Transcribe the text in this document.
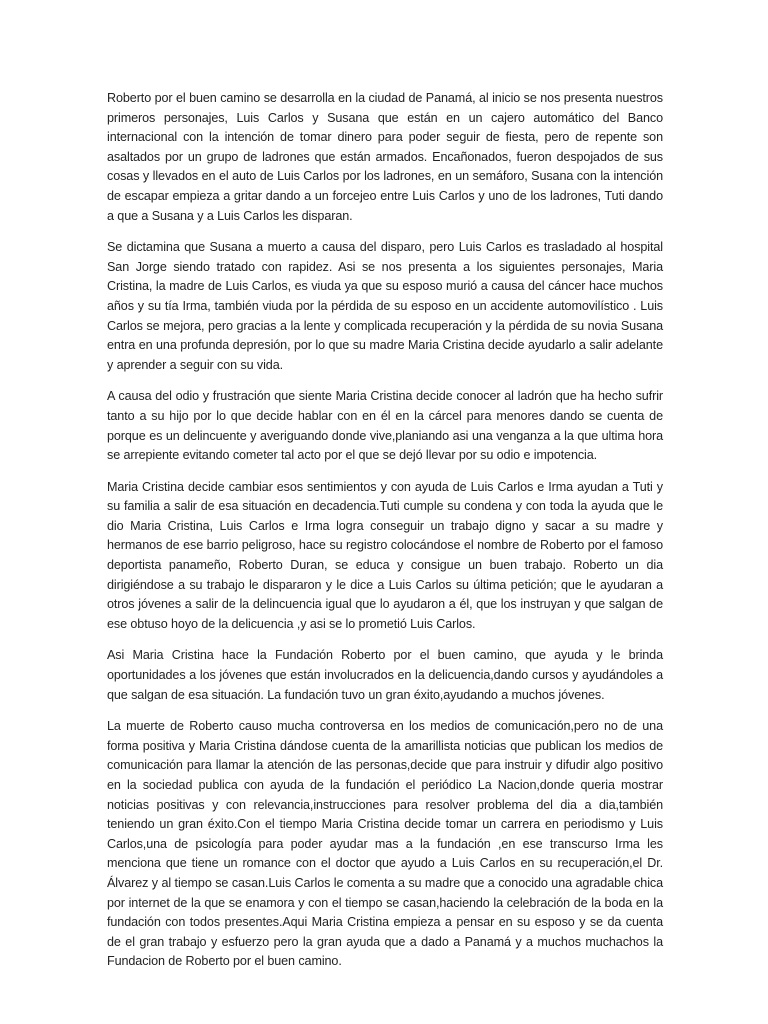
Roberto por el buen camino se desarrolla en la ciudad de Panamá, al inicio se nos presenta nuestros primeros personajes, Luis Carlos y Susana que están en un cajero automático del Banco internacional con la intención de tomar dinero para poder seguir de fiesta, pero de repente son asaltados por un grupo de ladrones que están armados. Encañonados, fueron despojados de sus cosas y llevados en el auto de Luis Carlos por los ladrones, en un semáforo, Susana con la intención de escapar empieza a gritar dando a un forcejeo entre Luis Carlos y uno de los ladrones, Tuti dando a que a Susana y a Luis Carlos les disparan.

Se dictamina que Susana a muerto a causa del disparo, pero Luis Carlos es trasladado al hospital San Jorge siendo tratado con rapidez. Asi se nos presenta a los siguientes personajes, Maria Cristina, la madre de Luis Carlos, es viuda ya que su esposo murió a causa del cáncer hace muchos años y su tía Irma, también viuda por la pérdida de su esposo en un accidente automovilístico . Luis Carlos se mejora, pero gracias a la lente y complicada recuperación y la pérdida de su novia Susana entra en una profunda depresión, por lo que su madre Maria Cristina decide ayudarlo a salir adelante y aprender a seguir con su vida.

A causa del odio y frustración que siente Maria Cristina decide conocer al ladrón que ha hecho sufrir tanto a su hijo por lo que decide hablar con en él en la cárcel para menores dando se cuenta de porque es un delincuente y averiguando donde vive,planiando asi una venganza a la que ultima hora se arrepiente evitando cometer tal acto por el que se dejó llevar por su odio e impotencia.

Maria Cristina decide cambiar esos sentimientos y con ayuda de Luis Carlos e Irma ayudan a Tuti y su familia a salir de esa situación en decadencia.Tuti cumple su condena y con toda la ayuda que le dio Maria Cristina, Luis Carlos e Irma logra conseguir un trabajo digno y sacar a su madre y hermanos de ese barrio peligroso, hace su registro colocándose el nombre de Roberto por el famoso deportista panameño, Roberto Duran, se educa y consigue un buen trabajo. Roberto un dia dirigiéndose a su trabajo le dispararon y le dice a Luis Carlos su última petición; que le ayudaran a otros jóvenes a salir de la delincuencia igual que lo ayudaron a él, que los instruyan y que salgan de ese obtuso hoyo de la delicuencia ,y asi se lo prometió Luis Carlos.

Asi Maria Cristina hace la Fundación Roberto por el buen camino, que ayuda y le brinda oportunidades a los jóvenes que están involucrados en la delicuencia,dando cursos y ayudándoles a que salgan de esa situación. La fundación tuvo un gran éxito,ayudando a muchos jóvenes.

La muerte de Roberto causo mucha controversa en los medios de comunicación,pero no de una forma positiva y Maria Cristina dándose cuenta de la amarillista noticias que publican los medios de comunicación para llamar la atención de las personas,decide que para instruir y difudir algo positivo en la sociedad publica con ayuda de la fundación el periódico La Nacion,donde queria mostrar noticias positivas y con relevancia,instrucciones para resolver problema del dia a dia,también teniendo un gran éxito.Con el tiempo Maria Cristina decide tomar un carrera en periodismo y Luis Carlos,una de psicología para poder ayudar mas a la fundación ,en ese transcurso Irma les menciona que tiene un romance con el doctor que ayudo a Luis Carlos en su recuperación,el Dr. Álvarez y al tiempo se casan.Luis Carlos le comenta a su madre que a conocido una agradable chica por internet de la que se enamora y con el tiempo se casan,haciendo la celebración de la boda en la fundación con todos presentes.Aqui Maria Cristina empieza a pensar en su esposo y se da cuenta de el gran trabajo y esfuerzo pero la gran ayuda que a dado a Panamá y a muchos muchachos la Fundacion de Roberto por el buen camino.
